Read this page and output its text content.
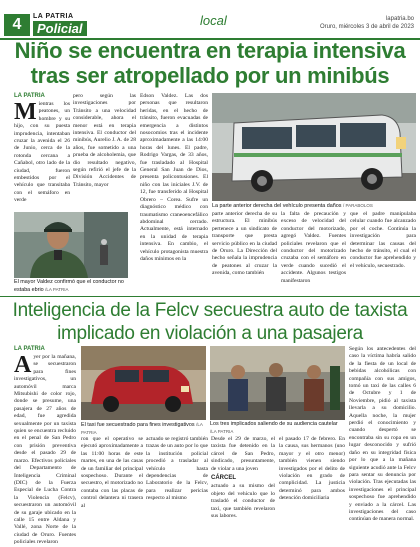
4	LA PATRIA
Policial
local	lapatria.bo
Oruro, miércoles 3 de abril de 2023
Niño se encuentra en terapia intensiva tras ser atropellado por un minibús
LA PATRIA
Mientras los peatones, un hombre y su hijo, con su puesta imprudencia, intentaban cruzar la avenida el 26 de Junio, cerca de la rotonda cercana a Cañabol, otro lado de la ciudad, fueron embestidos por el vehículo que transitaba con el semáforo en verde
El mayor Valdez confirmó que el conductor no estaba ebrio /LA PATRIA
pero según las investigaciones por Tránsito a una velocidad considerable, ahora el menor está en terapia intensiva. El conductor del minibús, Aurelio J. A. de 28 años, fue sometido a una prueba de alcoholemia, que dio resultado negativo, según refirió el jefe de la División Accidentes de Tránsito, mayor
Edson Valdez. Las dos personas que resultaron heridas, en el hecho de tránsito, fueron evacuadas de emergencia a distintos nosocomios tras el incidente aproximadamente a las 14:00 horas del lunes. El padre, Rodrigo Vargas, de 33 años, fue trasladado al Hospital General San Juan de Dios, presenta policontusiones. El niño con las iniciales J.V. de 12, fue transferido al Hospital Obrero – Corea. Sufre un diagnóstico médico con traumatismo craneoencefálico abdominal cerrado. Actualmente, está internado en la unidad de terapia intensiva. En cambio, el vehículo protagonista muestra daños mínimos en la
La parte anterior derecha del vehículo presenta daños / PARABOLOS
parte anterior derecha de su estructura. El minibús pertenece a un sindicato de transporte que presta servicio público en la ciudad de Oruro. La Dirección del hecho señala la imprudencia de peatones al cruzar la avenida, como también
la falta de precaución y exceso de velocidad del conductor del motorizado, agregó Valdez. Fuentes policiales revelaron que el conductor del motorizado cruzaba con el semáforo en verde cuando sucedió el accidente. Algunos testigos manifestaron
que el padre manipulaba celular cuando fue alcanzado por el coche. Continúa la investigación para determinar las causas del hecho de tránsito, el cual el conductor fue aprehendido y el vehículo, secuestrado.
Inteligencia de la Felcv secuestra auto de taxista implicado en violación a una pasajera
LA PATRIA
Ayer por la mañana, se secuestraron para fines investigativos, un automóvil marca Mitsubishi de color rojo, donde se presume, una pasajera de 27 años de edad, fue agredida sexualmente por un taxista quien se encuentra recluido en el penal de San Pedro con prisión preventiva desde el pasado 29 de marzo. Efectivos policiales del Departamento de Inteligencia Criminal (DIC) de la Fuerza Especial de Lucha Contra la Violencia (Felcv), secuestraron un automóvil de su garaje ubicado en la calle 15 entre Aldana y Vallé, zona Norte de la ciudad de Oruro. Fuentes policiales revelaron
El taxi fue secuestrado para fines investigativos /LA PATRIA
Los tres implicados saliendo de su audiencia cautelar /LA PATRIA
ron que el operativo se ejecutó aproximadamente a las 11:00 horas de este martes, en una de las casas de un familiar del principal sospechoso. Durante el secuestro, el motorizado no contaba con las placas de control delantera ni trasera al
actuado se registró también trazas de un auto por lo que la institución policial procedió a trasladar al vehículo hasta dependencias de Laboratorio de la Felcv, para realizar pericias respecto al mismo
Desde el 29 de marzo, el taxista fue detenido en la cárcel de San Pedro, sindicado, presuntamente, de violar a una joven
CÁRCEL
actuado a su mismo del objeto del vehículo que lo trasladó el conductor de taxi, que también revelaron sus labores.
el pasado 17 de febrero. En la causa, sus hermanos (uno mayor y el otro menor) también vienen siendo investigados por el delito de violación en grado de complicidad. La justicia determinó para ambos detención domiciliaria
Según los antecedentes del caso la víctima habría salido de la fiesta de un local de bebidas alcohólicas con compañía con sus amigos, tomó un taxi de las calles 6 de Octubre y 1 de Noviembre, pidió al taxista llevarla a su domicilio. Aquella noche, la mujer perdió el conocimiento y cuando despertó se encontraba sin su ropa en un lugar desconocido y sufrió daño en su integridad física por lo que a la mañana siguiente acudió ante la Felcv para sentar su denuncia por violación. Tras ejecutadas las investigaciones el principal sospechoso fue aprehendido y enviado a la cárcel. Las investigaciones del caso continúan de manera normal.
